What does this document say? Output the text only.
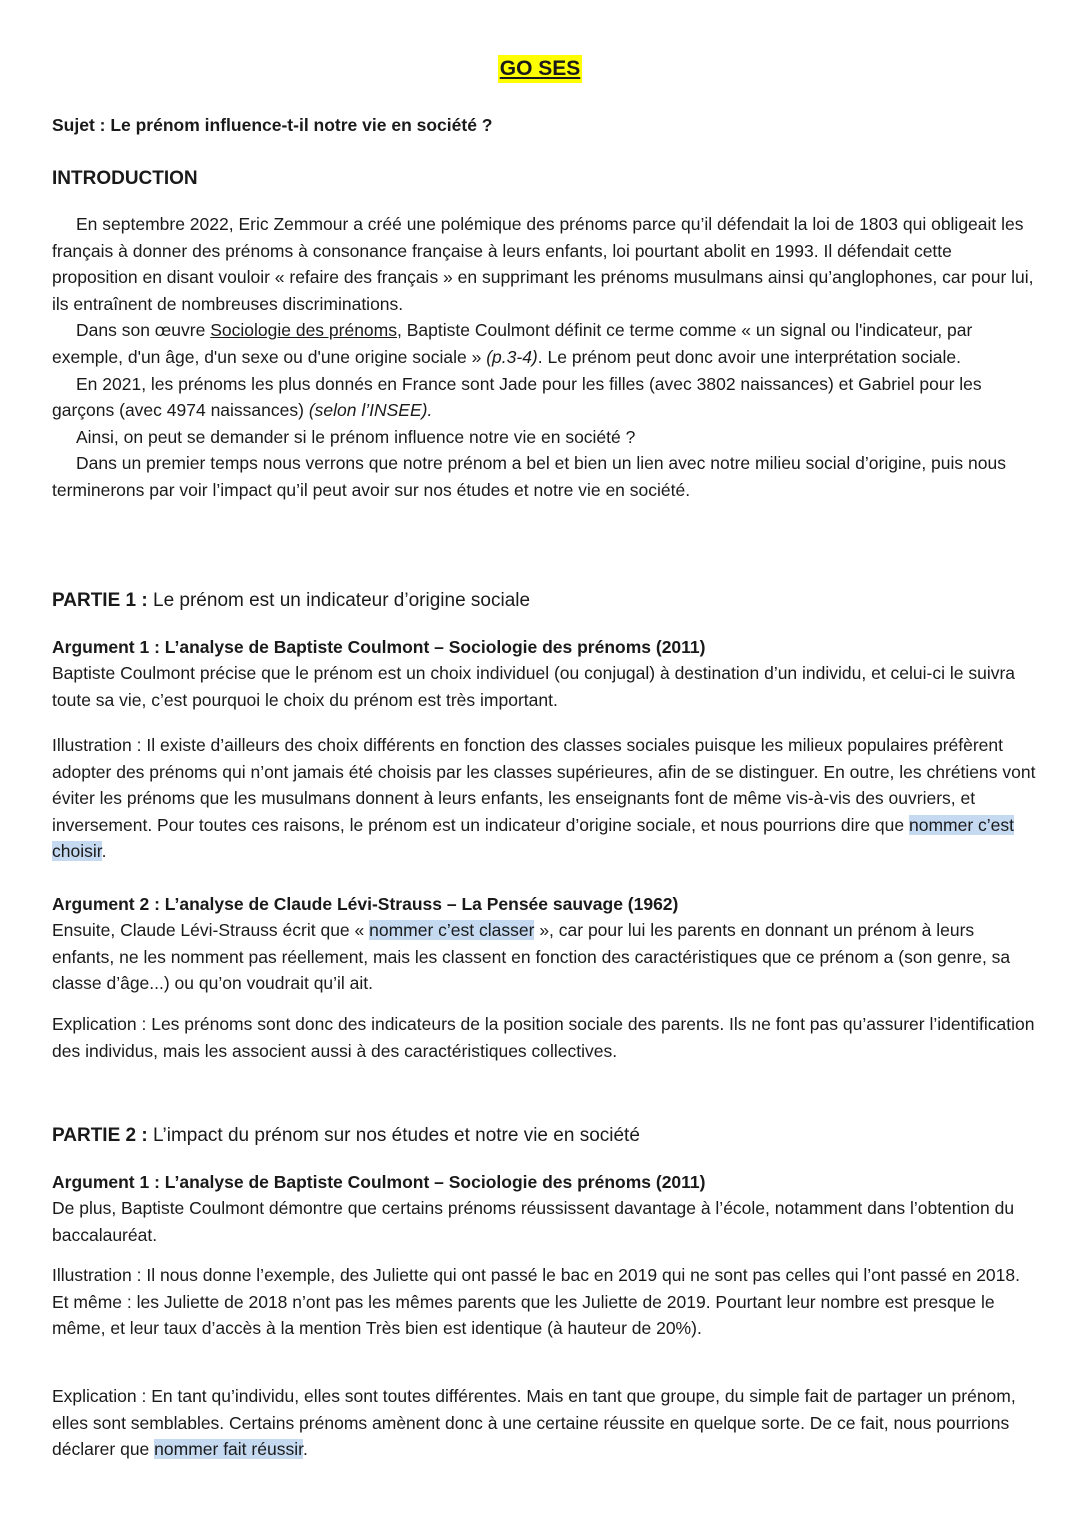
GO SES
Sujet : Le prénom influence-t-il notre vie en société ?
INTRODUCTION

En septembre 2022, Eric Zemmour a créé une polémique des prénoms parce qu’il défendait la loi de 1803 qui obligeait les français à donner des prénoms à consonance française à leurs enfants, loi pourtant abolit en 1993. Il défendait cette proposition en disant vouloir « refaire des français » en supprimant les prénoms musulmans ainsi qu’anglophones, car pour lui, ils entraînent de nombreuses discriminations.

Dans son œuvre Sociologie des prénoms, Baptiste Coulmont définit ce terme comme « un signal ou l'indicateur, par exemple, d'un âge, d'un sexe ou d'une origine sociale » (p.3-4). Le prénom peut donc avoir une interprétation sociale.

En 2021, les prénoms les plus donnés en France sont Jade pour les filles (avec 3802 naissances) et Gabriel pour les garçons (avec 4974 naissances) (selon l’INSEE).

Ainsi, on peut se demander si le prénom influence notre vie en société ?

Dans un premier temps nous verrons que notre prénom a bel et bien un lien avec notre milieu social d’origine, puis nous terminerons par voir l’impact qu’il peut avoir sur nos études et notre vie en société.

PARTIE 1 : Le prénom est un indicateur d’origine sociale
Argument 1 : L’analyse de Baptiste Coulmont – Sociologie des prénoms (2011)
Baptiste Coulmont précise que le prénom est un choix individuel (ou conjugal) à destination d’un individu, et celui-ci le suivra toute sa vie, c’est pourquoi le choix du prénom est très important.
Illustration : Il existe d’ailleurs des choix différents en fonction des classes sociales puisque les milieux populaires préfèrent adopter des prénoms qui n’ont jamais été choisis par les classes supérieures, afin de se distinguer. En outre, les chrétiens vont éviter les prénoms que les musulmans donnent à leurs enfants, les enseignants font de même vis-à-vis des ouvriers, et inversement. Pour toutes ces raisons, le prénom est un indicateur d’origine sociale, et nous pourrions dire que nommer c’est choisir.
Argument 2 : L’analyse de Claude Lévi-Strauss – La Pensée sauvage (1962)
Ensuite, Claude Lévi-Strauss écrit que « nommer c’est classer », car pour lui les parents en donnant un prénom à leurs enfants, ne les nomment pas réellement, mais les classent en fonction des caractéristiques que ce prénom a (son genre, sa classe d’âge...) ou qu’on voudrait qu’il ait.
Explication : Les prénoms sont donc des indicateurs de la position sociale des parents. Ils ne font pas qu’assurer l’identification des individus, mais les associent aussi à des caractéristiques collectives.
PARTIE 2 : L’impact du prénom sur nos études et notre vie en société
Argument 1 : L’analyse de Baptiste Coulmont – Sociologie des prénoms (2011)
De plus, Baptiste Coulmont démontre que certains prénoms réussissent davantage à l’école, notamment dans l’obtention du baccalauréat.
Illustration : Il nous donne l’exemple, des Juliette qui ont passé le bac en 2019 qui ne sont pas celles qui l’ont passé en 2018. Et même : les Juliette de 2018 n’ont pas les mêmes parents que les Juliette de 2019. Pourtant leur nombre est presque le même, et leur taux d’accès à la mention Très bien est identique (à hauteur de 20%).
Explication : En tant qu’individu, elles sont toutes différentes. Mais en tant que groupe, du simple fait de partager un prénom, elles sont semblables. Certains prénoms amènent donc à une certaine réussite en quelque sorte. De ce fait, nous pourrions déclarer que nommer fait réussir.
